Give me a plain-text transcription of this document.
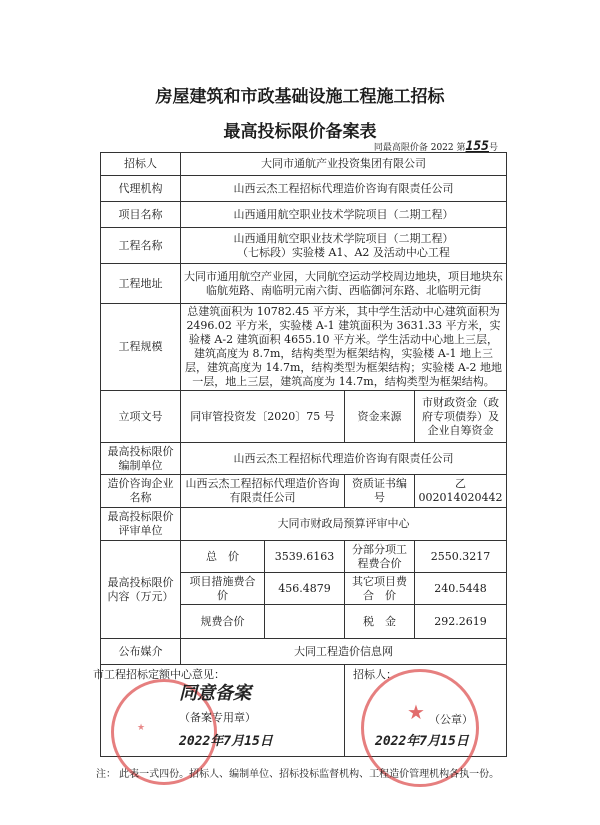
房屋建筑和市政基础设施工程施工招标
最高投标限价备案表
同最高限价备 2022 第155号
招标人	大同市通航产业投资集团有限公司			
代理机构	山西云杰工程招标代理造价咨询有限责任公司			
项目名称	山西通用航空职业技术学院项目（二期工程）			
工程名称	山西通用航空职业技术学院项目（二期工程）
（七标段）实验楼 A1、A2 及活动中心工程			

工程地址	大同市通用航空产业园，大同航空运动学校周边地块，项目地块东临航苑路、南临明元南六街、西临御河东路、北临明元街			
工程规模	总建筑面积为 10782.45 平方米，其中学生活动中心建筑面积为 2496.02 平方米，实验楼 A-1 建筑面积为 3631.33 平方米，实验楼 A-2 建筑面积 4655.10 平方米。学生活动中心地上三层，建筑高度为 8.7m，结构类型为框架结构，实验楼 A-1 地上三层，建筑高度为 14.7m，结构类型为框架结构；实验楼 A-2 地地一层，地上三层，建筑高度为 14.7m，结构类型为框架结构。			
立项文号	同审管投资发〔2020〕75 号		资金来源	市财政资金（政府专项债券）及企业自筹资金
最高投标限价编制单位	山西云杰工程招标代理造价咨询有限责任公司			
造价咨询企业名称	山西云杰工程招标代理造价咨询有限责任公司		资质证书编　　号	乙 002014020442
最高投标限价评审单位	大同市财政局预算评审中心			
最高投标限价内容（万元）	总　价	3539.6163	分部分项工程费合价	2550.3217
	项目措施费合　价	456.4879	其它项目费合　价	240.5448
	规费合价		税　金	292.2619
公布媒介	大同工程造价信息网			

市工程招标定额中心意见：
★
同意备案
（备案专用章）
2022年7月15日			招标人：
★ （公章）
2022年7月15日	
注： 此表一式四份。招标人、编制单位、招标投标监督机构、工程造价管理机构各执一份。
